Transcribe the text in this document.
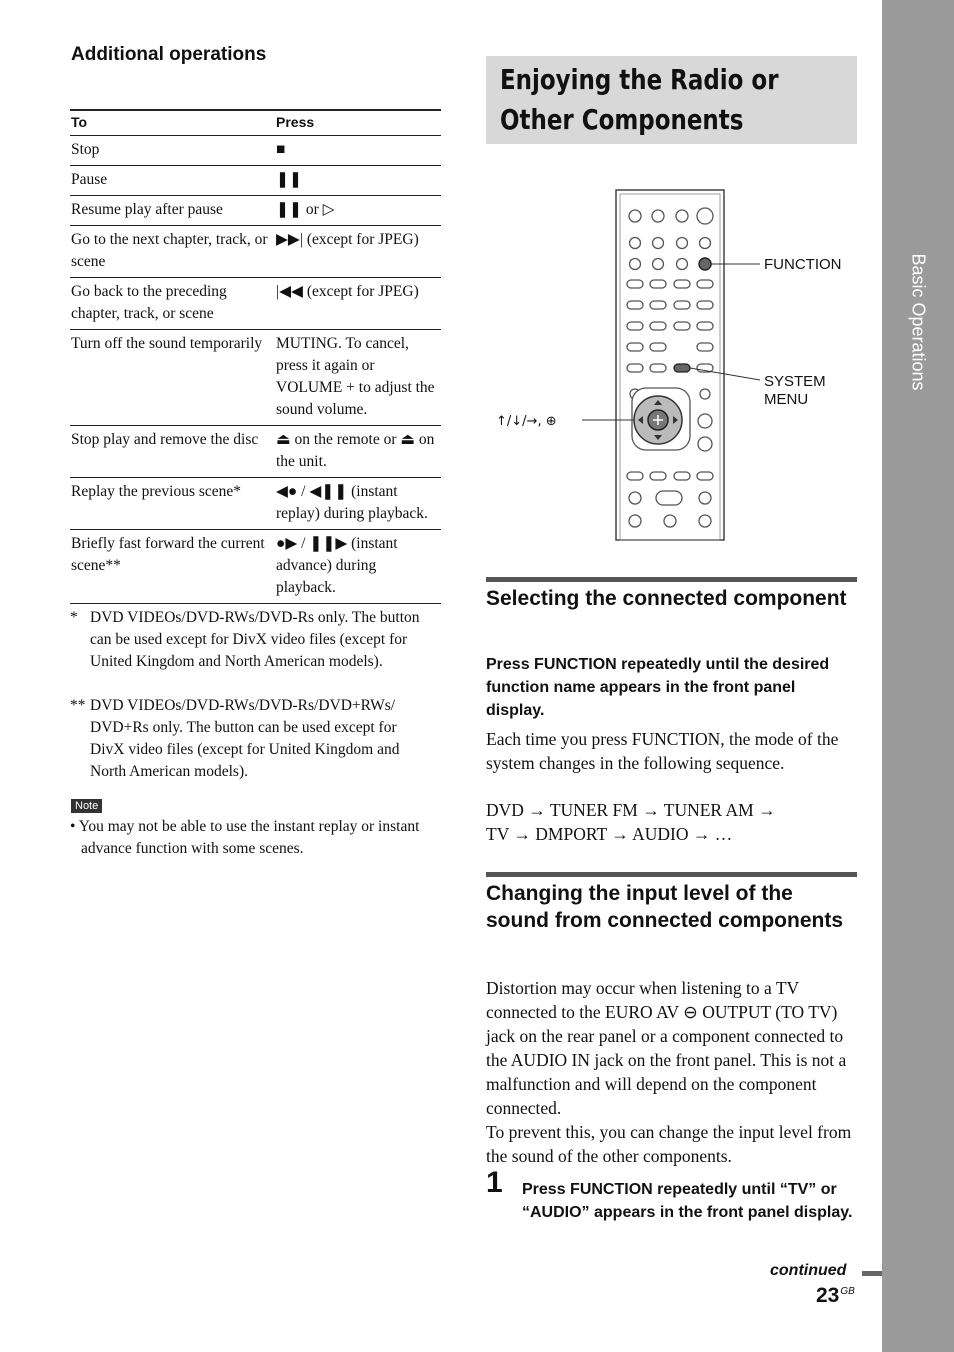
Basic Operations
Additional operations
To	Press
Stop	■
Pause	❚❚
Resume play after pause	❚❚ or ▷
Go to the next chapter, track, or scene	▶▶| (except for JPEG)
Go back to the preceding chapter, track, or scene	|◀◀ (except for JPEG)
Turn off the sound temporarily	MUTING. To cancel, press it again or VOLUME + to adjust the sound volume.
Stop play and remove the disc	⏏ on the remote or ⏏ on the unit.
Replay the previous scene*	◀● / ◀❚❚ (instant replay) during playback.
Briefly fast forward the current scene**	●▶ / ❚❚▶ (instant advance) during playback.
* DVD VIDEOs/DVD-RWs/DVD-Rs only. The button can be used except for DivX video files (except for United Kingdom and North American models).
** DVD VIDEOs/DVD-RWs/DVD-Rs/DVD+RWs/ DVD+Rs only. The button can be used except for DivX video files (except for United Kingdom and North American models).
Note
• You may not be able to use the instant replay or instant advance function with some scenes.
Enjoying the Radio or
Other Components
FUNCTION
SYSTEM
MENU
↑/↓/→, ⊕
Selecting the connected component
Press FUNCTION repeatedly until the desired function name appears in the front panel display.
Each time you press FUNCTION, the mode of the system changes in the following sequence.
DVD → TUNER FM → TUNER AM →
TV → DMPORT → AUDIO → …
Changing the input level of the sound from connected components
Distortion may occur when listening to a TV connected to the EURO AV ⊖ OUTPUT (TO TV) jack on the rear panel or a component connected to the AUDIO IN jack on the front panel. This is not a malfunction and will depend on the component connected.
To prevent this, you can change the input level from the sound of the other components.
1 Press FUNCTION repeatedly until “TV” or “AUDIO” appears in the front panel display.
continued
$23^{GB}$
